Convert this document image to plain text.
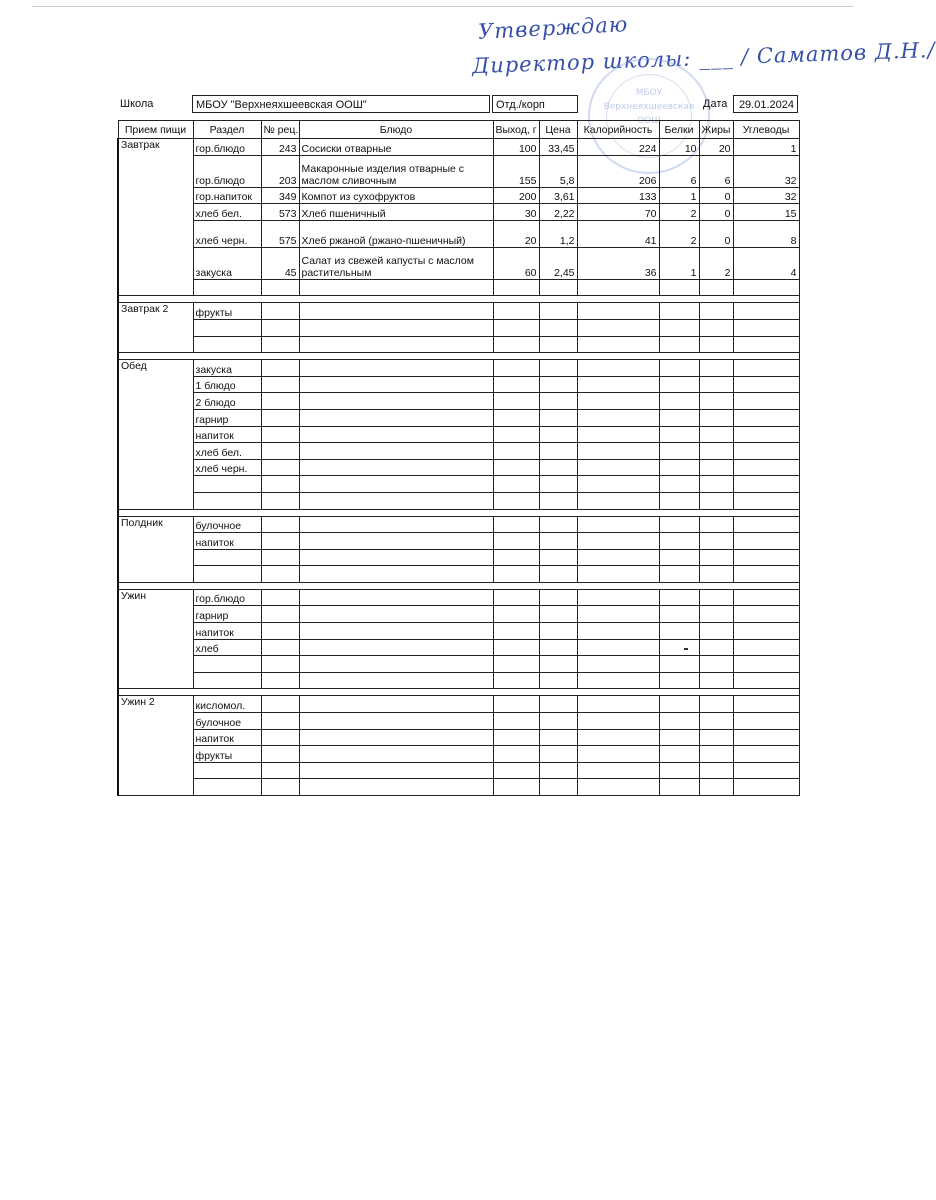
Утверждаю
Директор школы: ___ / Саматов Д.Н./
МБОУ
Верхнеяхшеевская
ООШ
Школа	МБОУ "Верхнеяхшеевская ООШ"	Отд./корп	Дата	29.01.2024
Прием пищи	Раздел	№ рец.	Блюдо	Выход, г	Цена	Калорийность	Белки	Жиры	Углеводы
Завтрак	гор.блюдо	243	Сосиски отварные	100	33,45	224	10	20	1
	гор.блюдо	203	Макаронные изделия отварные с маслом сливочным	155	5,8	206	6	6	32
	гор.напиток	349	Компот из сухофруктов	200	3,61	133	1	0	32
	хлеб бел.	573	Хлеб пшеничный	30	2,22	70	2	0	15
	хлеб черн.	575	Хлеб ржаной (ржано-пшеничный)	20	1,2	41	2	0	8
	закуска	45	Салат из свежей капусты с маслом растительным	60	2,45	36	1	2	4

Завтрак 2	фрукты								

Обед	закуска								
	1 блюдо								
	2 блюдо								
	гарнир								
	напиток								
	хлеб бел.								
	хлеб черн.								

Полдник	булочное								
	напиток								

Ужин	гор.блюдо								
	гарнир								
	напиток								
	хлеб								

Ужин 2	кисломол.								
	булочное								
	напиток								
	фрукты								
